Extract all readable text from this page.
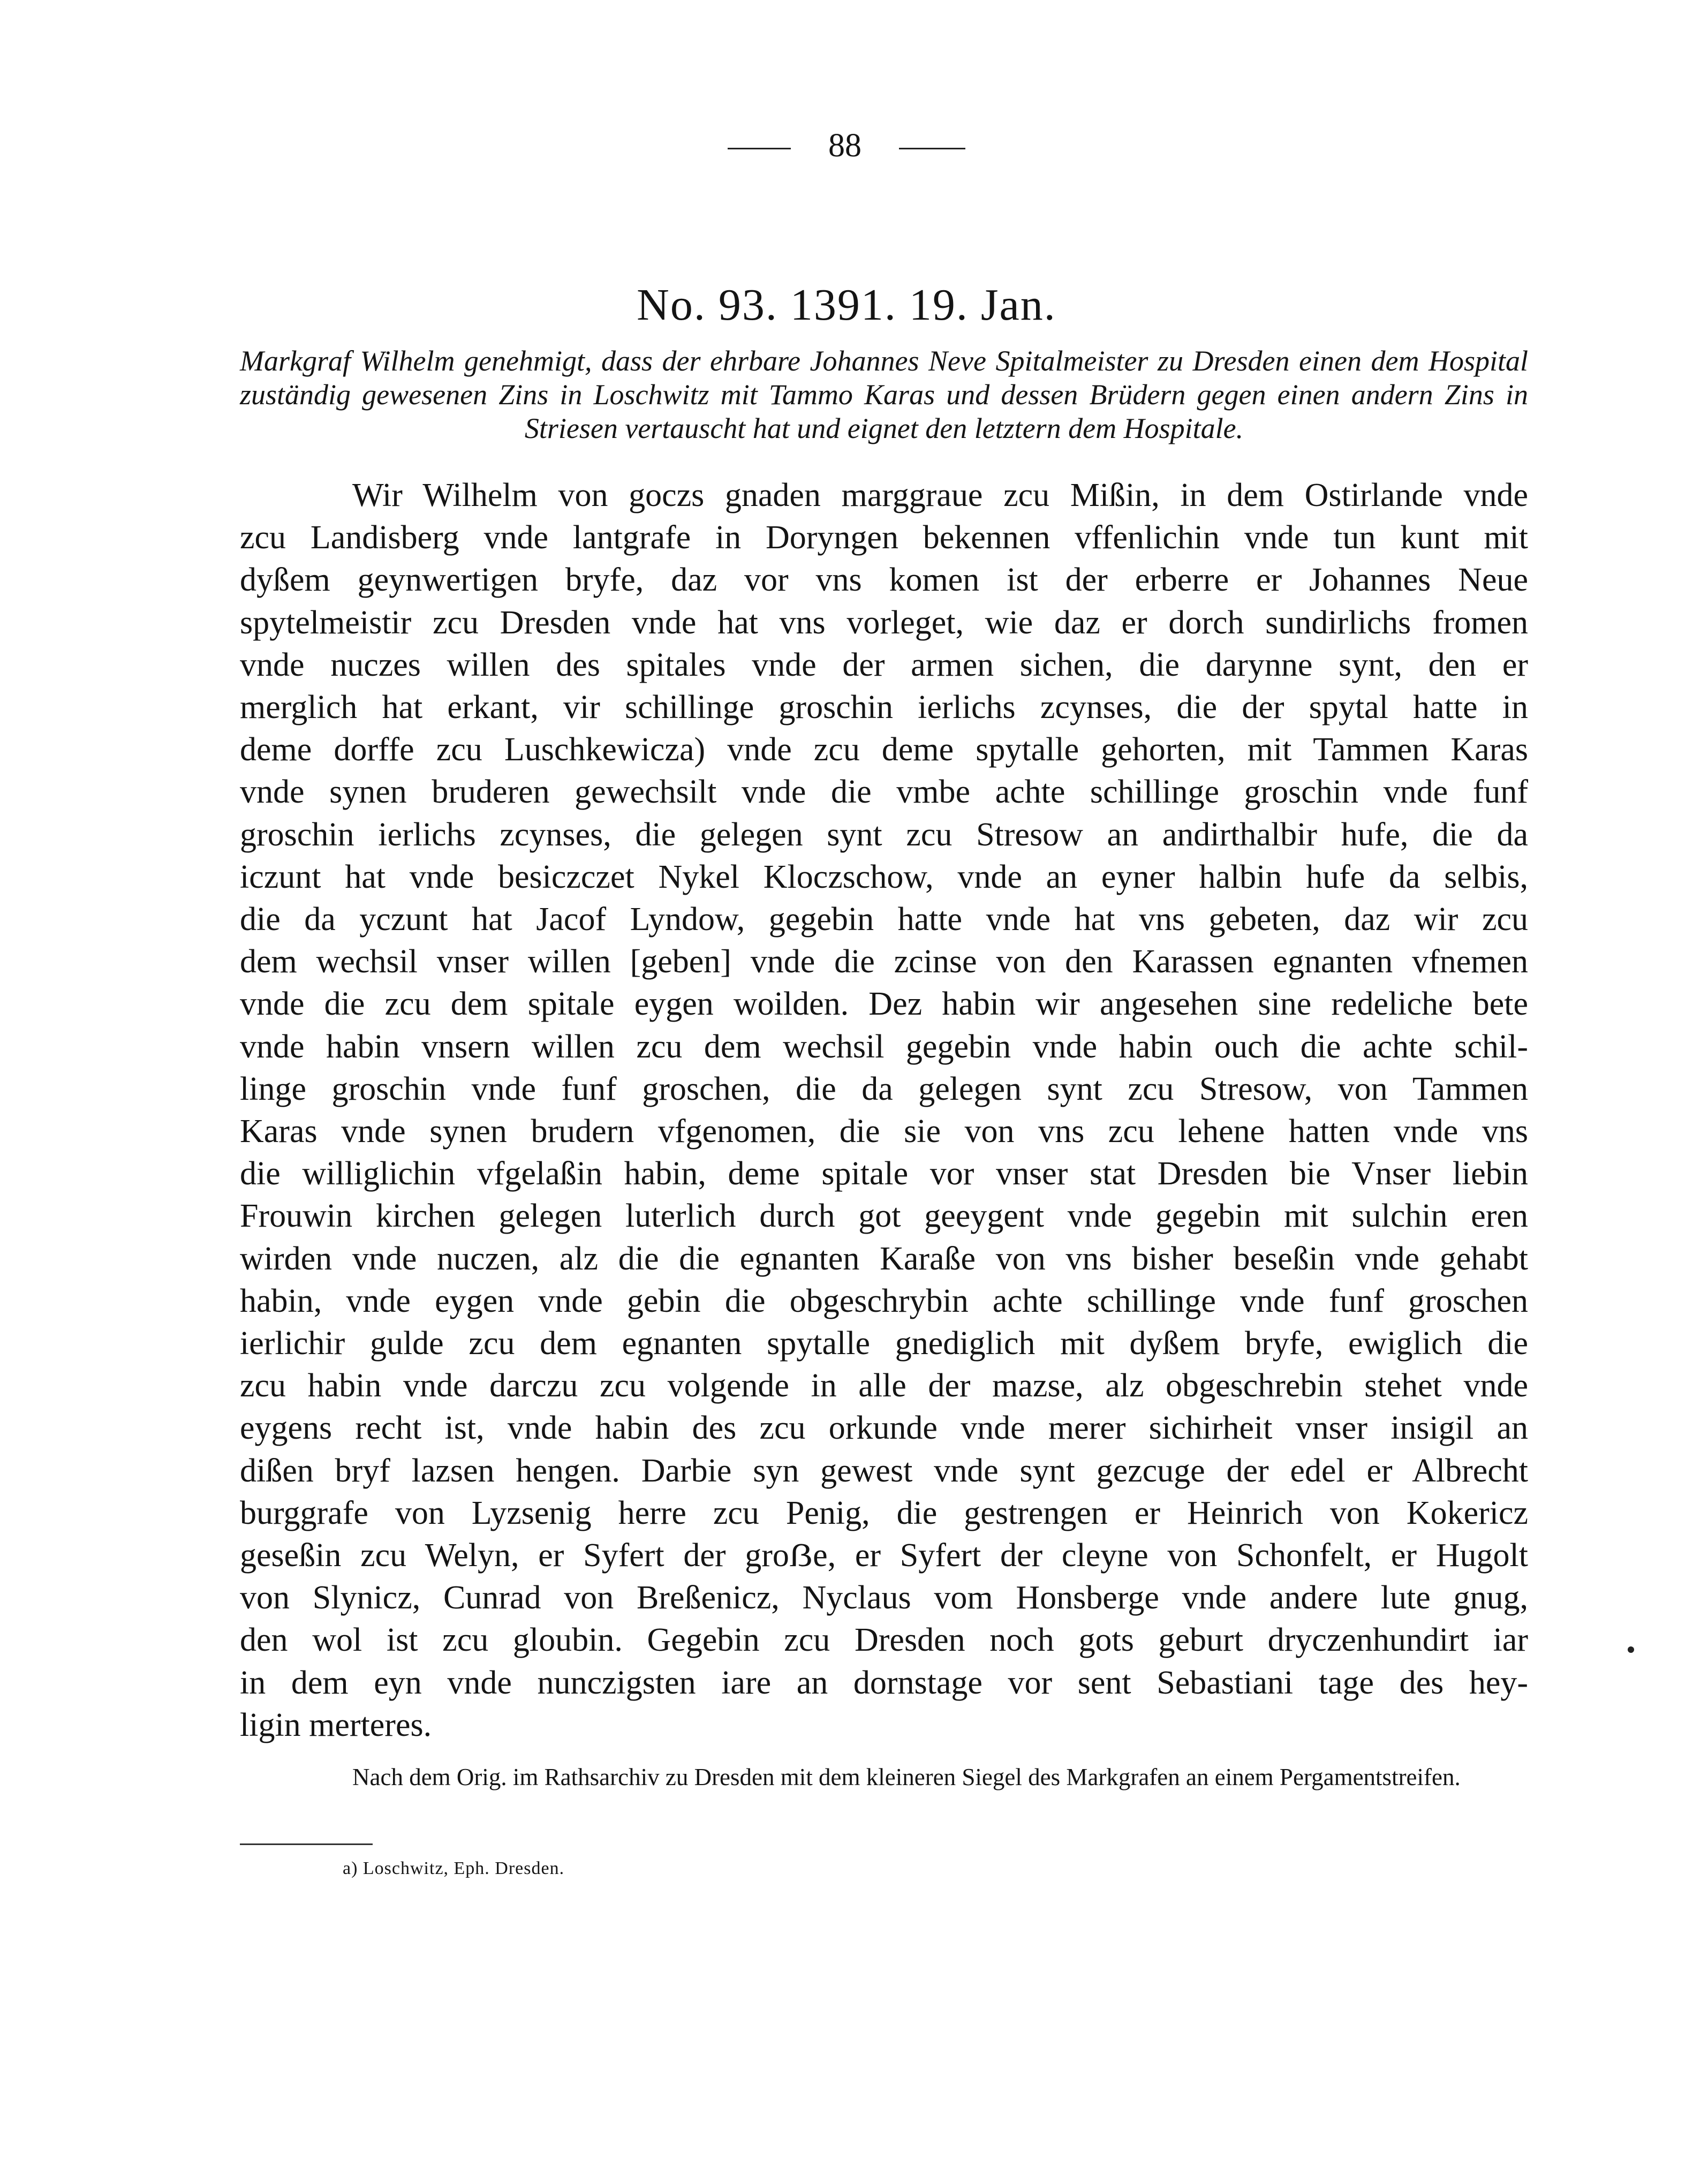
88
No. 93. 1391. 19. Jan.
Markgraf Wilhelm genehmigt, dass der ehrbare Johannes Neve Spitalmeister zu Dresden einen dem Hospital zuständig gewesenen Zins in Loschwitz mit Tammo Karas und dessen Brüdern gegen einen andern Zins in Striesen vertauscht hat und eignet den letztern dem Hospitale.
Wir Wilhelm von goczs gnaden marggraue zcu Mißin, in dem Ostirlande vnde
zcu Landisberg vnde lantgrafe in Doryngen bekennen vffenlichin vnde tun kunt mit
dyßem geynwertigen bryfe, daz vor vns komen ist der erberre er Johannes Neue
spytelmeistir zcu Dresden vnde hat vns vorleget, wie daz er dorch sundirlichs fromen
vnde nuczes willen des spitales vnde der armen sichen, die darynne synt, den er
merglich hat erkant, vir schillinge groschin ierlichs zcynses, die der spytal hatte in
deme dorffe zcu Luschkewicza) vnde zcu deme spytalle gehorten, mit Tammen Karas
vnde synen bruderen gewechsilt vnde die vmbe achte schillinge groschin vnde funf
groschin ierlichs zcynses, die gelegen synt zcu Stresow an andirthalbir hufe, die da
iczunt hat vnde besiczczet Nykel Kloczschow, vnde an eyner halbin hufe da selbis,
die da yczunt hat Jacof Lyndow, gegebin hatte vnde hat vns gebeten, daz wir zcu
dem wechsil vnser willen [geben] vnde die zcinse von den Karassen egnanten vfnemen
vnde die zcu dem spitale eygen woilden. Dez habin wir angesehen sine redeliche bete
vnde habin vnsern willen zcu dem wechsil gegebin vnde habin ouch die achte schil-
linge groschin vnde funf groschen, die da gelegen synt zcu Stresow, von Tammen
Karas vnde synen brudern vfgenomen, die sie von vns zcu lehene hatten vnde vns
die williglichin vfgelaßin habin, deme spitale vor vnser stat Dresden bie Vnser liebin
Frouwin kirchen gelegen luterlich durch got geeygent vnde gegebin mit sulchin eren
wirden vnde nuczen, alz die die egnanten Karaße von vns bisher beseßin vnde gehabt
habin, vnde eygen vnde gebin die obgeschrybin achte schillinge vnde funf groschen
ierlichir gulde zcu dem egnanten spytalle gnediglich mit dyßem bryfe, ewiglich die
zcu habin vnde darczu zcu volgende in alle der mazse, alz obgeschrebin stehet vnde
eygens recht ist, vnde habin des zcu orkunde vnde merer sichirheit vnser insigil an
dißen bryf lazsen hengen. Darbie syn gewest vnde synt gezcuge der edel er Albrecht
burggrafe von Lyzsenig herre zcu Penig, die gestrengen er Heinrich von Kokericz
geseßin zcu Welyn, er Syfert der groẞe, er Syfert der cleyne von Schonfelt, er Hugolt
von Slynicz, Cunrad von Breßenicz, Nyclaus vom Honsberge vnde andere lute gnug,
den wol ist zcu gloubin. Gegebin zcu Dresden noch gots geburt dryczenhundirt iar
in dem eyn vnde nunczigsten iare an dornstage vor sent Sebastiani tage des hey-
ligin merteres.
Nach dem Orig. im Rathsarchiv zu Dresden mit dem kleineren Siegel des Markgrafen an einem Pergamentstreifen.
a) Loschwitz, Eph. Dresden.
